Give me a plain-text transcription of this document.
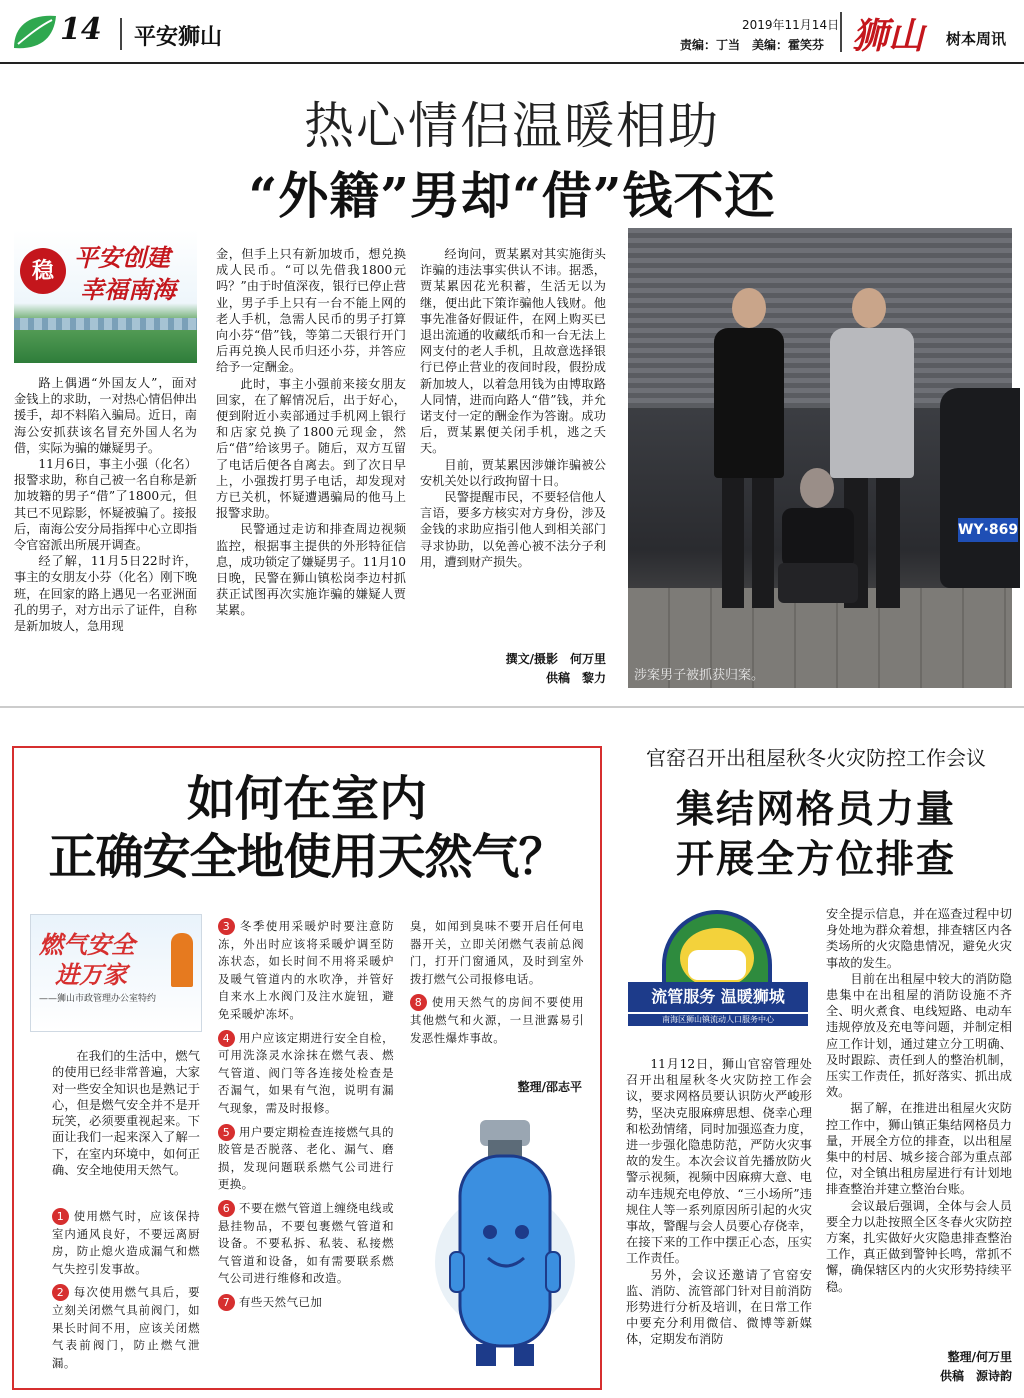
14 平安狮山	2019年11月14日
责编：丁当　美编：霍笑芬 狮山 树本周讯
热心情侣温暖相助
“外籍”男却“借”钱不还
稳 平安创建
幸福南海

路上偶遇“外国友人”，面对金钱上的求助，一对热心情侣伸出援手，却不料陷入骗局。近日，南海公安抓获该名冒充外国人名为借，实际为骗的嫌疑男子。

11月6日，事主小强（化名）报警求助，称自己被一名自称是新加坡籍的男子“借”了1800元，但其已不见踪影，怀疑被骗了。接报后，南海公安分局指挥中心立即指令官窑派出所展开调查。

经了解，11月5日22时许，事主的女朋友小芬（化名）刚下晚班，在回家的路上遇见一名亚洲面孔的男子，对方出示了证件，自称是新加坡人，急用现

金，但手上只有新加坡币，想兑换成人民币。“可以先借我1800元吗？”由于时值深夜，银行已停止营业，男子手上只有一台不能上网的老人手机，急需人民币的男子打算向小芬“借”钱，等第二天银行开门后再兑换人民币归还小芬，并答应给予一定酬金。

此时，事主小强前来接女朋友回家，在了解情况后，出于好心，便到附近小卖部通过手机网上银行和店家兑换了1800元现金，然后“借”给该男子。随后，双方互留了电话后便各自离去。到了次日早上，小强拨打男子电话，却发现对方已关机，怀疑遭遇骗局的他马上报警求助。

民警通过走访和排查周边视频监控，根据事主提供的外形特征信息，成功锁定了嫌疑男子。11月10日晚，民警在狮山镇松岗李边村抓获正试图再次实施诈骗的嫌疑人贾某累。

经询问，贾某累对其实施街头诈骗的违法事实供认不讳。据悉，贾某累因花光积蓄，生活无以为继，便出此下策诈骗他人钱财。他事先准备好假证件，在网上购买已退出流通的收藏纸币和一台无法上网支付的老人手机，且故意选择银行已停止营业的夜间时段，假扮成新加坡人，以着急用钱为由博取路人同情，进而向路人“借”钱，并允诺支付一定的酬金作为答谢。成功后，贾某累便关闭手机，逃之夭天。

目前，贾某累因涉嫌诈骗被公安机关处以行政拘留十日。

民警提醒市民，不要轻信他人言语，要多方核实对方身份，涉及金钱的求助应指引他人到相关部门寻求协助，以免善心被不法分子利用，遭到财产损失。

撰文/摄影　何万里
供稿　黎力
WY·869
涉案男子被抓获归案。
如何在室内
正确安全地使用天然气？
燃气安全
进万家
——狮山市政管理办公室特约

在我们的生活中，燃气的使用已经非常普遍，大家对一些安全知识也是熟记于心，但是燃气安全并不是开玩笑，必须要重视起来。下面让我们一起来深入了解一下，在室内环境中，如何正确、安全地使用天然气。

1 使用燃气时，应该保持室内通风良好，不要远离厨房，防止熄火造成漏气和燃气失控引发事故。

2 每次使用燃气具后，要立刻关闭燃气具前阀门，如果长时间不用，应该关闭燃气表前阀门，防止燃气泄漏。

3 冬季使用采暖炉时要注意防冻，外出时应该将采暖炉调至防冻状态，如长时间不用将采暖炉及暖气管道内的水吹净，并管好自来水上水阀门及注水旋钮，避免采暖炉冻坏。

4 用户应该定期进行安全自检，可用洗涤灵水涂抹在燃气表、燃气管道、阀门等各连接处检查是否漏气，如果有气泡，说明有漏气现象，需及时报修。

5 用户要定期检查连接燃气具的胶管是否脱落、老化、漏气、磨损，发现问题联系燃气公司进行更换。

6 不要在燃气管道上缠绕电线或悬挂物品，不要包裹燃气管道和设备。不要私拆、私装、私接燃气管道和设备，如有需要联系燃气公司进行维修和改造。

7 有些天然气已加

臭，如闻到臭味不要开启任何电器开关，立即关闭燃气表前总阀门，打开门窗通风，及时到室外拨打燃气公司报修电话。

8 使用天然气的房间不要使用其他燃气和火源，一旦泄露易引发恶性爆炸事故。

整理/邵志平
官窑召开出租屋秋冬火灾防控工作会议
集结网格员力量
开展全方位排查
流管服务 温暖狮城
南海区狮山镇流动人口服务中心

11月12日，狮山官窑管理处召开出租屋秋冬火灾防控工作会议，要求网格员要认识防火严峻形势，坚决克服麻痹思想、侥幸心理和松劲情绪，同时加强巡查力度，进一步强化隐患防范，严防火灾事故的发生。本次会议首先播放防火警示视频，视频中因麻痹大意、电动车违规充电停放、“三小场所”违规住人等一系列原因所引起的火灾事故，警醒与会人员要心存侥幸，在接下来的工作中摆正心态，压实工作责任。

另外，会议还邀请了官窑安监、消防、流管部门针对目前消防形势进行分析及培训，在日常工作中要充分利用微信、微博等新媒体，定期发布消防

安全提示信息，并在巡查过程中切身处地为群众着想，排查辖区内各类场所的火灾隐患情况，避免火灾事故的发生。

目前在出租屋中较大的消防隐患集中在出租屋的消防设施不齐全、明火煮食、电线短路、电动车违规停放及充电等问题，并制定相应工作计划，通过建立分工明确、及时跟踪、责任到人的整治机制，压实工作责任，抓好落实、抓出成效。

据了解，在推进出租屋火灾防控工作中，狮山镇正集结网格员力量，开展全方位的排查，以出租屋集中的村居、城乡接合部为重点部位，对全镇出租房屋进行有计划地排查整治并建立整治台账。

会议最后强调，全体与会人员要全力以赴按照全区冬春火灾防控方案，扎实做好火灾隐患排查整治工作，真正做到警钟长鸣，常抓不懈，确保辖区内的火灾形势持续平稳。

整理/何万里
供稿　源诗韵
